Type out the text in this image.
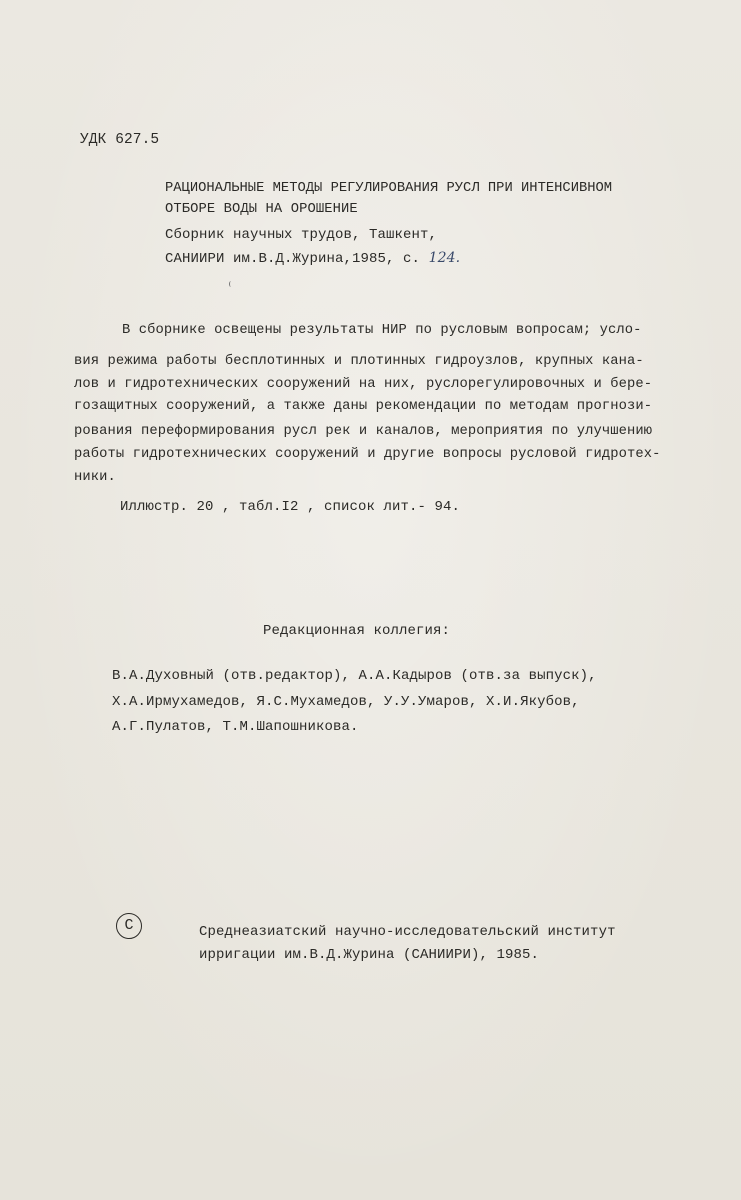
УДК 627.5
РАЦИОНАЛЬНЫЕ МЕТОДЫ РЕГУЛИРОВАНИЯ РУСЛ ПРИ ИНТЕНСИВНОМ
ОТБОРЕ ВОДЫ НА ОРОШЕНИЕ
Сборник научных трудов, Ташкент,
САНИИРИ им.В.Д.Журина,1985, с. 124.
В сборнике освещены результаты НИР по русловым вопросам; усло-
вия режима работы бесплотинных и плотинных гидроузлов, крупных кана-
лов и гидротехнических сооружений на них, руслорегулировочных и бере-
гозащитных сооружений, а также даны рекомендации по методам прогнози-
рования переформирования русл рек и каналов, мероприятия по улучшению
работы гидротехнических сооружений и другие вопросы русловой гидротех-
ники.
Иллюстр. 20 , табл.I2 , список лит.- 94.
Редакционная коллегия:
В.А.Духовный (отв.редактор), А.А.Кадыров (отв.за выпуск),
Х.А.Ирмухамедов, Я.С.Мухамедов, У.У.Умаров, Х.И.Якубов,
А.Г.Пулатов, Т.М.Шапошникова.
C	Среднеазиатский научно-исследовательский институт
ирригации им.В.Д.Журина (САНИИРИ), 1985.
